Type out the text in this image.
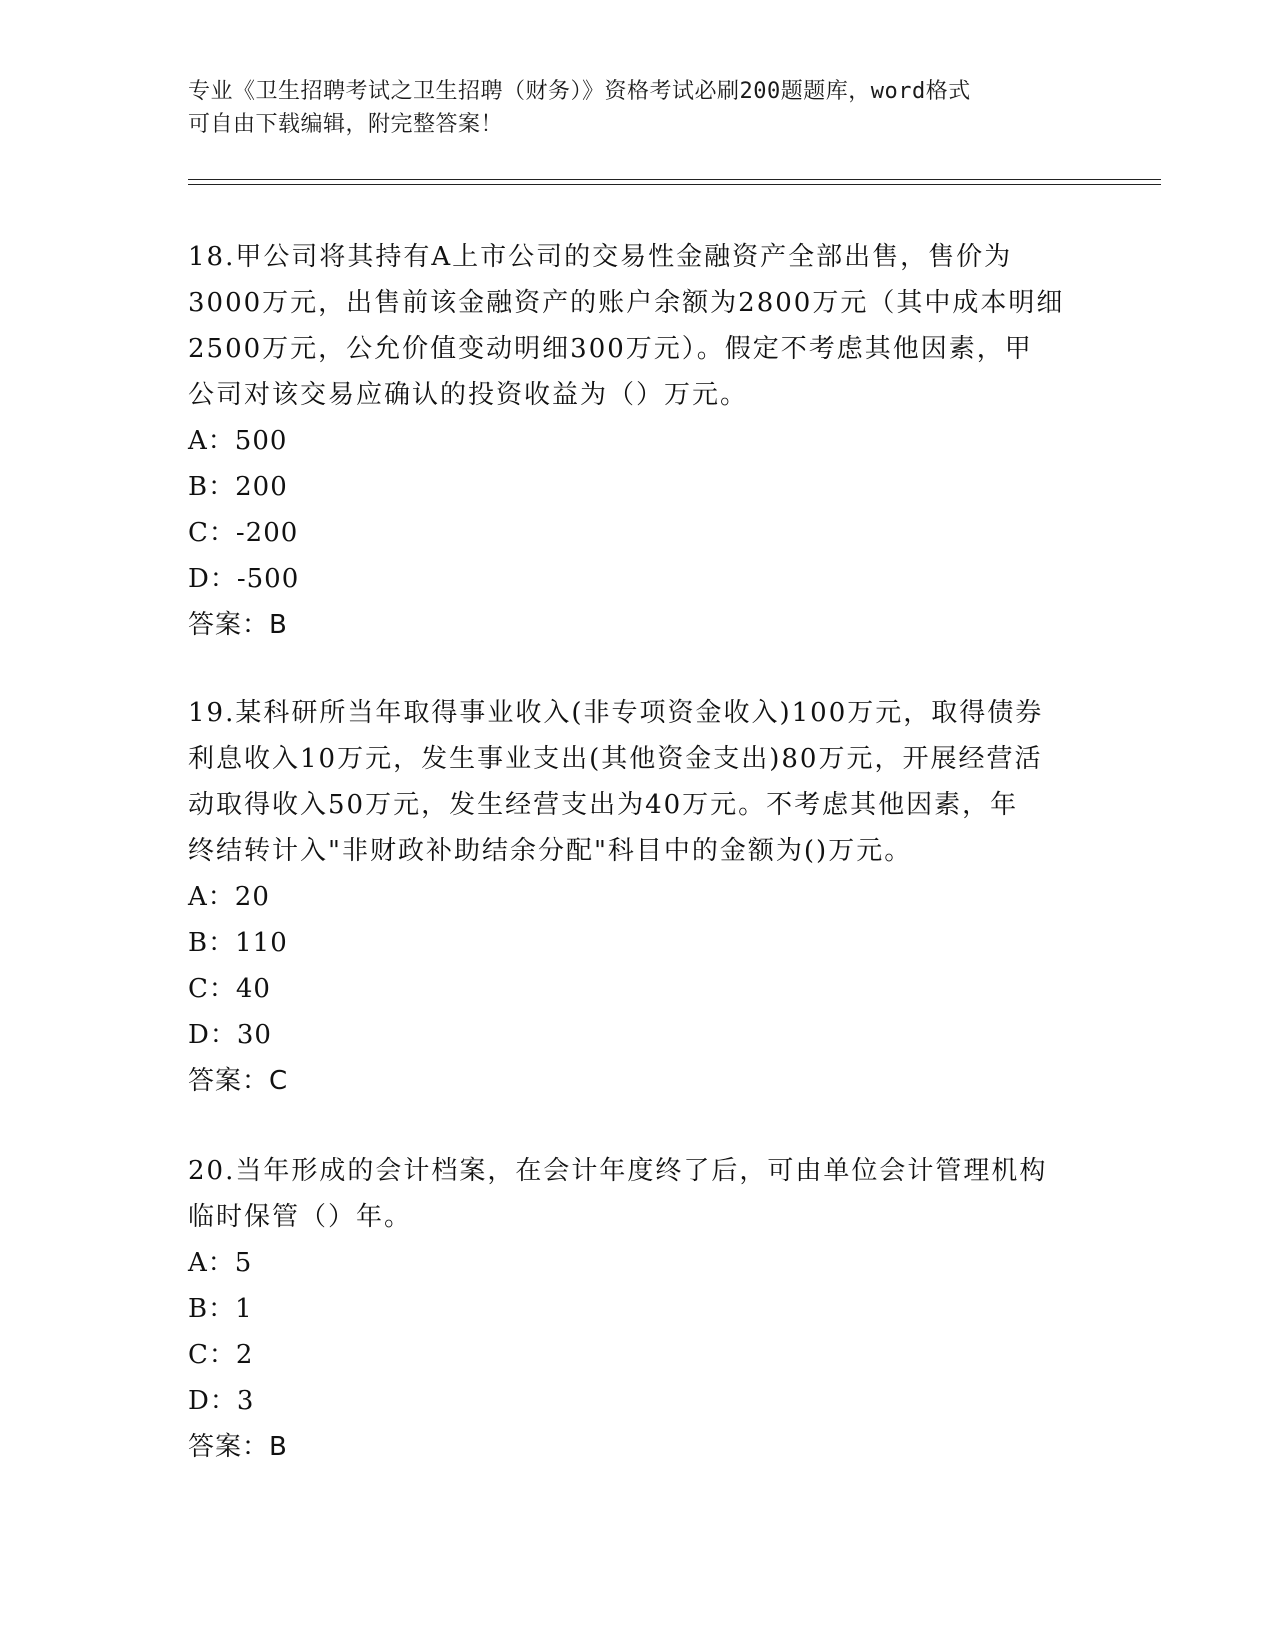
专业《卫生招聘考试之卫生招聘（财务）》资格考试必刷200题题库，word格式
可自由下载编辑，附完整答案！

18.甲公司将其持有A上市公司的交易性金融资产全部出售，售价为

3000万元，出售前该金融资产的账户余额为2800万元（其中成本明细

2500万元，公允价值变动明细300万元）。假定不考虑其他因素，甲

公司对该交易应确认的投资收益为（）万元。

A：500

B：200

C：-200

D：-500

答案：B

19.某科研所当年取得事业收入(非专项资金收入)100万元，取得债券

利息收入10万元，发生事业支出(其他资金支出)80万元，开展经营活

动取得收入50万元，发生经营支出为40万元。不考虑其他因素，年

终结转计入"非财政补助结余分配"科目中的金额为()万元。

A：20

B：110

C：40

D：30

答案：C

20.当年形成的会计档案，在会计年度终了后，可由单位会计管理机构

临时保管（）年。

A：5

B：1

C：2

D：3

答案：B
